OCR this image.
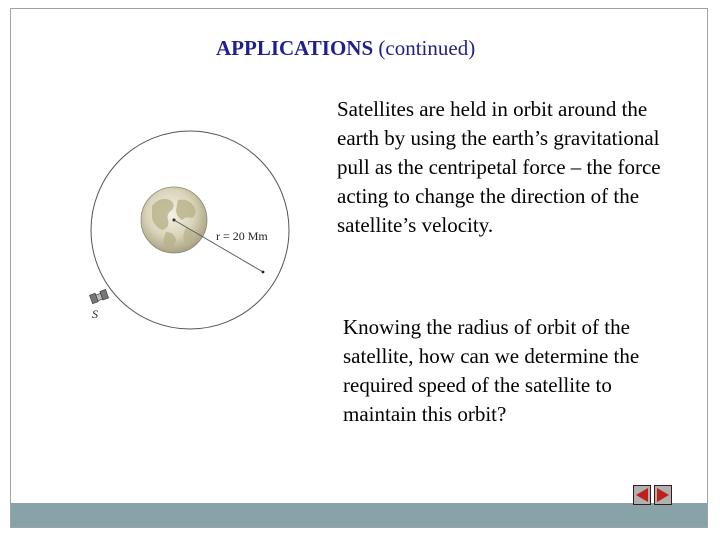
APPLICATIONS (continued)
Satellites are held in orbit around the earth by using the earth’s gravitational pull as the centripetal force – the force acting to change the direction of the satellite’s velocity.
Knowing the radius of orbit of the satellite, how can we determine the required speed of the satellite to maintain this orbit?
r = 20 Mm
S
